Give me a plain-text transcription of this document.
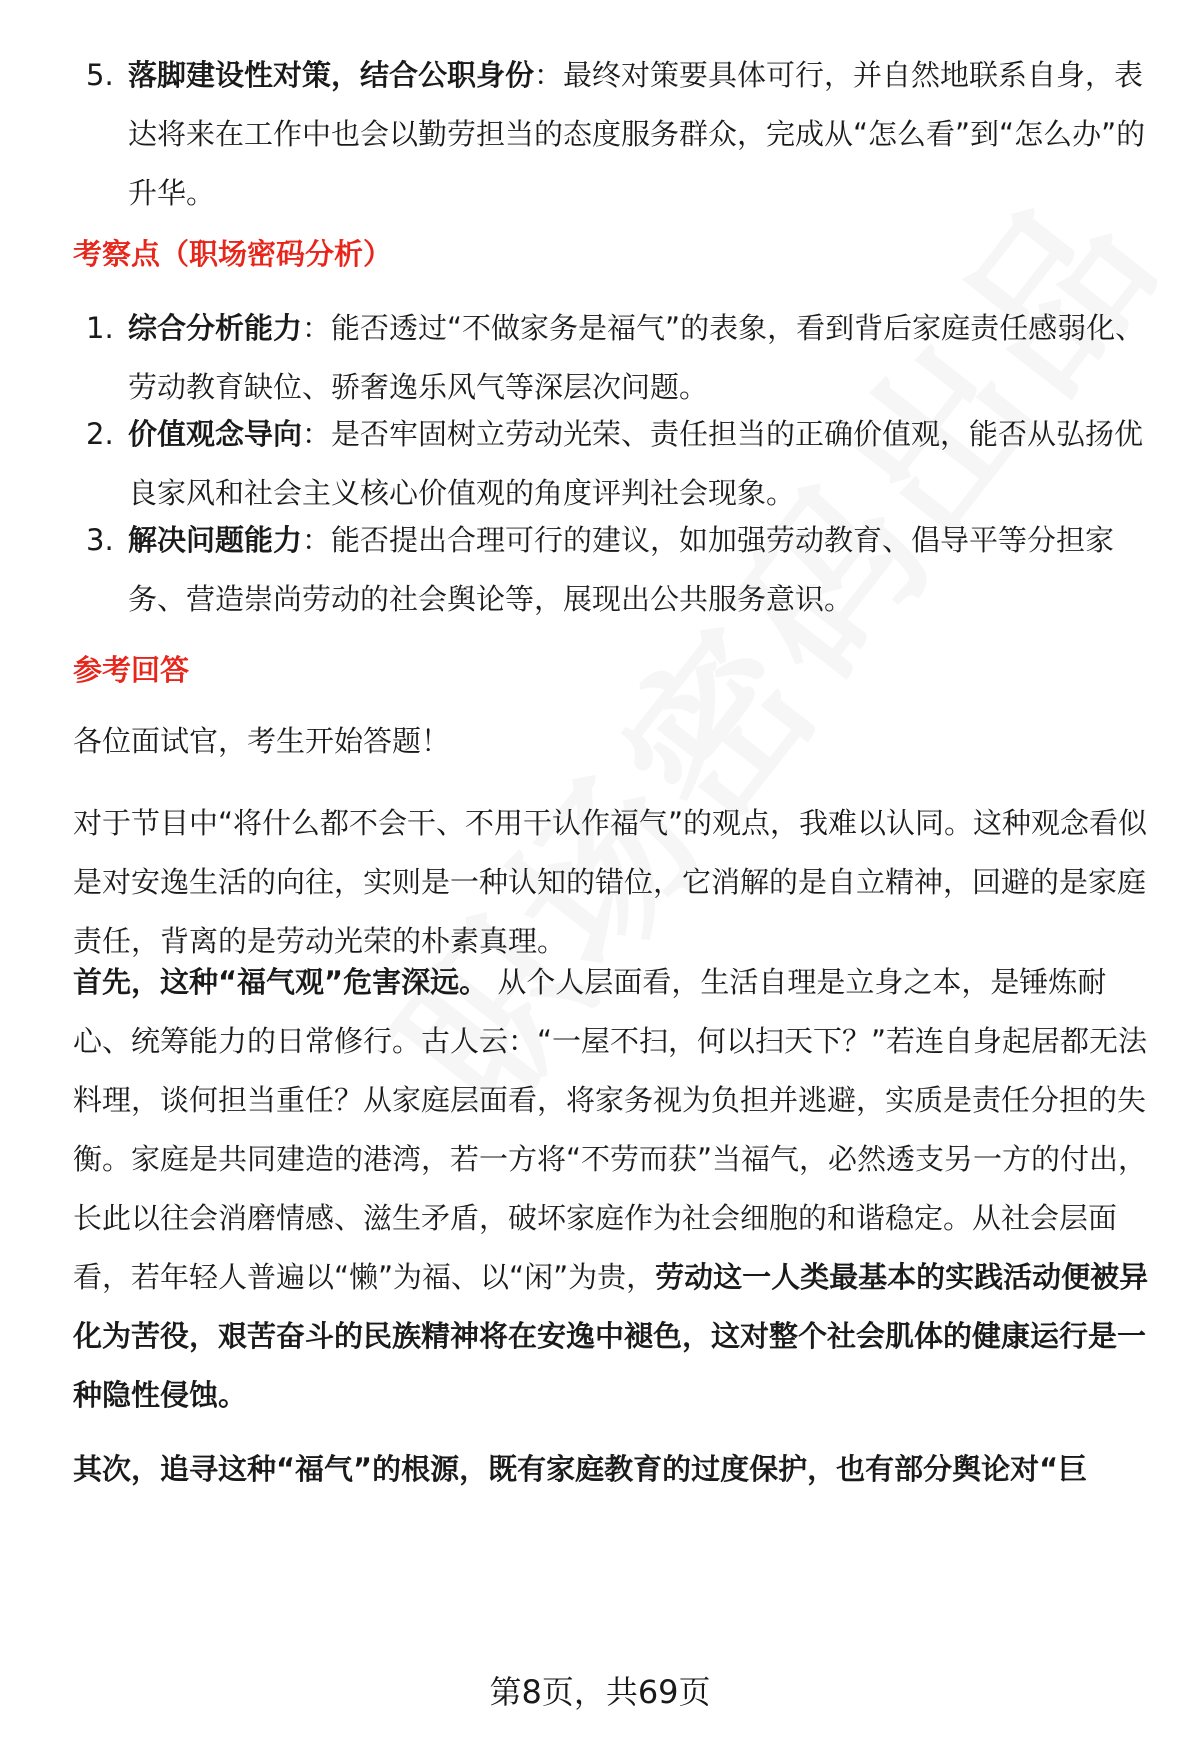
5. 落脚建设性对策，结合公职身份：最终对策要具体可行，并自然地联系自身，表达将来在工作中也会以勤劳担当的态度服务群众，完成从“怎么看”到“怎么办”的升华。
考察点（职场密码分析）
1. 综合分析能力：能否透过“不做家务是福气”的表象，看到背后家庭责任感弱化、劳动教育缺位、骄奢逸乐风气等深层次问题。
2. 价值观念导向：是否牢固树立劳动光荣、责任担当的正确价值观，能否从弘扬优良家风和社会主义核心价值观的角度评判社会现象。
3. 解决问题能力：能否提出合理可行的建议，如加强劳动教育、倡导平等分担家务、营造崇尚劳动的社会舆论等，展现出公共服务意识。
参考回答
各位面试官，考生开始答题！
对于节目中“将什么都不会干、不用干认作福气”的观点，我难以认同。这种观念看似是对安逸生活的向往，实则是一种认知的错位，它消解的是自立精神，回避的是家庭责任，背离的是劳动光荣的朴素真理。
首先，这种“福气观”危害深远。 从个人层面看，生活自理是立身之本，是锤炼耐心、统筹能力的日常修行。古人云：“一屋不扫，何以扫天下？”若连自身起居都无法料理，谈何担当重任？从家庭层面看，将家务视为负担并逃避，实质是责任分担的失衡。家庭是共同建造的港湾，若一方将“不劳而获”当福气，必然透支另一方的付出，长此以往会消磨情感、滋生矛盾，破坏家庭作为社会细胞的和谐稳定。从社会层面看，若年轻人普遍以“懒”为福、以“闲”为贵，劳动这一人类最基本的实践活动便被异化为苦役，艰苦奋斗的民族精神将在安逸中褪色，这对整个社会肌体的健康运行是一种隐性侵蚀。
其次，追寻这种“福气”的根源，既有家庭教育的过度保护，也有部分舆论对“巨
第8页，共69页
